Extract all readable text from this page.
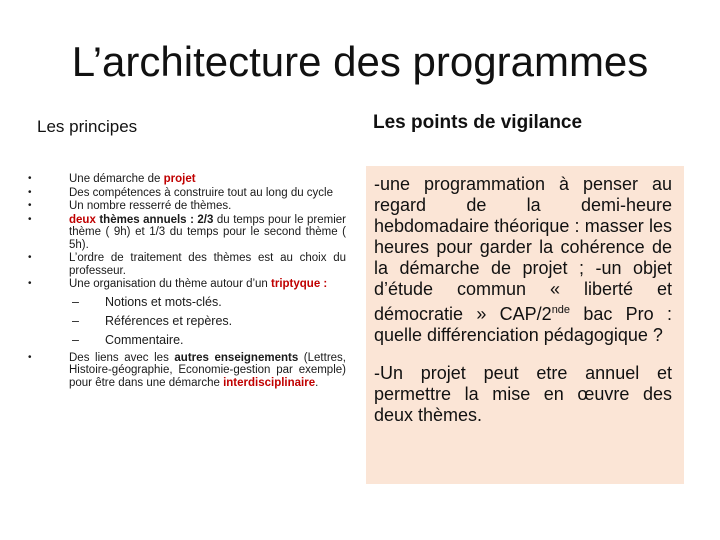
L’architecture des programmes
Les principes	Les points de vigilance
• Une démarche de projet
• Des compétences à construire tout au long du cycle
• Un nombre resserré de thèmes.
• deux thèmes annuels : 2/3 du temps pour le premier thème ( 9h) et 1/3 du temps pour le second thème ( 5h).
• L’ordre de traitement des thèmes est au choix du professeur.
• Une organisation du thème autour d’un triptyque :
– Notions et mots-clés.
– Références et repères.
– Commentaire.
• Des liens avec les autres enseignements (Lettres, Histoire-géographie, Economie-gestion par exemple) pour être dans une démarche interdisciplinaire.
-une programmation à penser au regard de la demi-heure hebdomadaire théorique : masser les heures pour garder la cohérence de la démarche de projet ; -un objet d’étude commun « liberté et démocratie » CAP/2nde bac Pro : quelle différenciation pédagogique ?
-Un projet peut etre annuel et permettre la mise en œuvre des deux thèmes.
